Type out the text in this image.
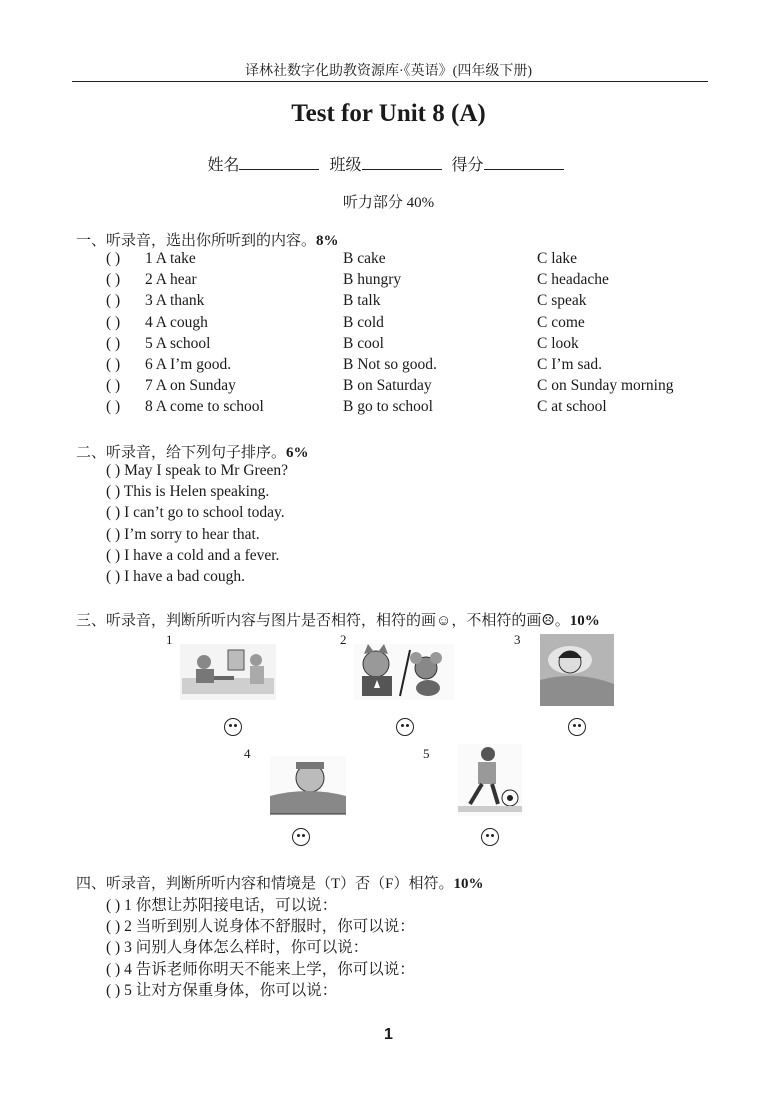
译林社数字化助教资源库·《英语》(四年级下册)
Test for Unit 8 (A)
姓名	班级	得分
听力部分 40%
一、听录音，选出你所听到的内容。8%
( ) 1 A take	B cake	C lake
( ) 2 A hear	B hungry	C headache
( ) 3 A thank	B talk	C speak
( ) 4 A cough	B cold	C come
( ) 5 A school	B cool	C look
( ) 6 A I’m good.	B Not so good.	C I’m sad.
( ) 7 A on Sunday	B on Saturday	C on Sunday morning
( ) 8 A come to school	B go to school	C at school
二、听录音，给下列句子排序。6%
( ) May I speak to Mr Green?
( ) This is Helen speaking.
( ) I can’t go to school today.
( ) I’m sorry to hear that.
( ) I have a cold and a fever.
( ) I have a bad cough.
三、听录音，判断所听内容与图片是否相符，相符的画☺，不相符的画☹。10%
1	2	3
4	5
四、听录音，判断所听内容和情境是（T）否（F）相符。10%
( ) 1 你想让苏阳接电话，可以说：
( ) 2 当听到别人说身体不舒服时，你可以说：
( ) 3 问别人身体怎么样时，你可以说：
( ) 4 告诉老师你明天不能来上学，你可以说：
( ) 5 让对方保重身体，你可以说：
1
